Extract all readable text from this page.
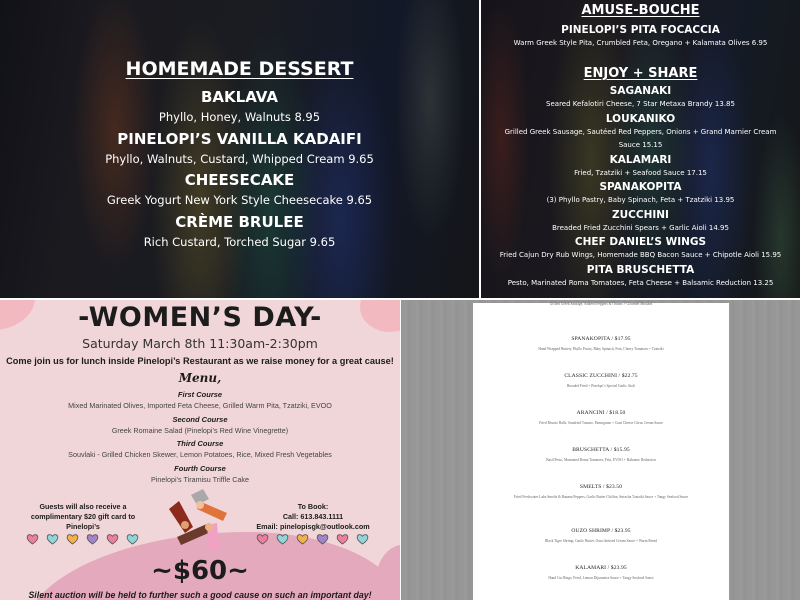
HOMEMADE DESSERT
BAKLAVA
Phyllo, Honey, Walnuts 8.95
PINELOPI’S VANILLA KADAIFI
Phyllo, Walnuts, Custard, Whipped Cream 9.65
CHEESECAKE
Greek Yogurt New York Style Cheesecake 9.65
CRÈME BRULEE
Rich Custard, Torched Sugar 9.65
AMUSE-BOUCHE
PINELOPI’S PITA FOCACCIA
Warm Greek Style Pita, Crumbled Feta, Oregano + Kalamata Olives 6.95
ENJOY + SHARE
SAGANAKI
Seared Kefalotiri Cheese, 7 Star Metaxa Brandy 13.85
LOUKANIKO
Grilled Greek Sausage, Sautéed Red Peppers, Onions + Grand Marnier Cream Sauce 15.15
KALAMARI
Fried, Tzatziki + Seafood Sauce 17.15
SPANAKOPITA
(3) Phyllo Pastry, Baby Spinach, Feta + Tzatziki 13.95
ZUCCHINI
Breaded Fried Zucchini Spears + Garlic Aioli 14.95
CHEF DANIEL’S WINGS
Fried Cajun Dry Rub Wings, Homemade BBQ Bacon Sauce + Chipotle Aioli 15.95
PITA BRUSCHETTA
Pesto, Marinated Roma Tomatoes, Feta Cheese + Balsamic Reduction 13.25
-WOMEN’S DAY-
Saturday March 8th 11:30am-2:30pm
Come join us for lunch inside Pinelopi’s Restaurant as we raise money for a great cause!
Menu,
First Course
Mixed Marinated Olives, Imported Feta Cheese, Grilled Warm Pita, Tzatziki, EVOO
Second Course
Greek Romaine Salad (Pinelopi’s Red Wine Vinegrette)
Third Course
Souvlaki - Grilled Chicken Skewer, Lemon Potatoes, Rice, Mixed Fresh Vegetables
Fourth Course
Pinelopi’s Tiramisu Triffle Cake
Guests will also receive a
complimentary $20 gift card to
Pinelopi’s
To Book:
Call: 613.843.1111
Email: pinelopisgk@outlook.com
~$60~
Silent auction will be held to further such a good cause on such an important day!
Grilled Greek Sausage, Sautéed Peppers & Onions + Gourmet Mustard
SPANAKOPITA / $17.95
Hand Wrapped Buttery Phyllo Pastry, Baby Spinach, Feta, Cherry Tomatoes + Tzatziki
CLASSIC ZUCCHINI / $22.75
Breaded Fried + Pinelopi’s Special Garlic Aioli
ARANCINI / $18.50
Fried Risotto Balls, Sundried Tomato, Parmigiano + Goat Cheese Citrus Cream Sauce
BRUSCHETTA / $15.95
Basil Pesto, Marinated Roma Tomatoes, Feta, EVOO + Balsamic Reduction
SMELTS / $23.50
Fried Freshwater Lake Smelts & Banana Peppers, Garlic Butter Chiffon, Sriracha Tzatziki Sauce + Tangy Seafood Sauce
OUZO SHRIMP / $23.95
Black Tiger Shrimp, Garlic Butter, Ouzo Infused Cream Sauce + Warm Bread
KALAMARI / $23.95
Hand Cut Rings, Fried, Lemon Dijonnaise Sauce + Tangy Seafood Sauce
